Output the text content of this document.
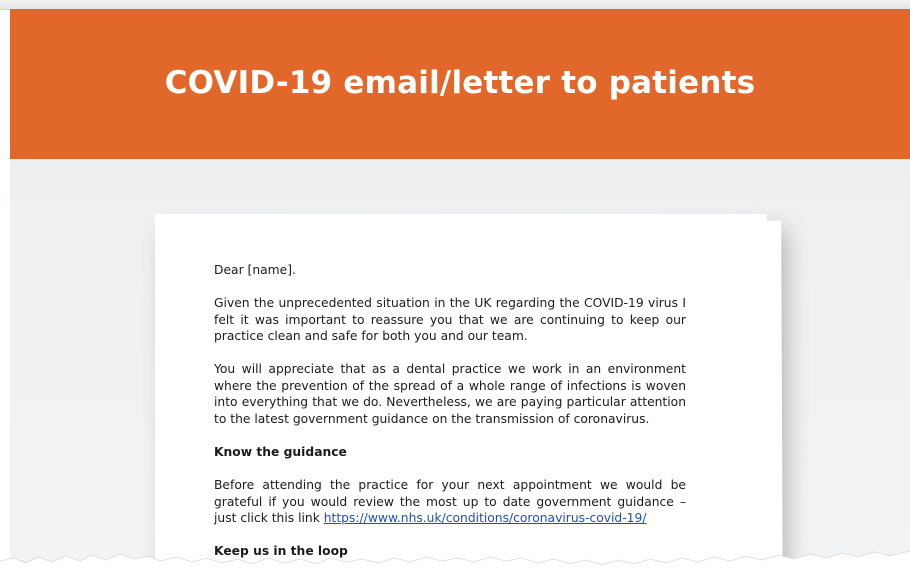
COVID-19 email/letter to patients

Dear [name].

Given the unprecedented situation in the UK regarding the COVID-19 virus I felt it was important to reassure you that we are continuing to keep our practice clean and safe for both you and our team.

You will appreciate that as a dental practice we work in an environment where the prevention of the spread of a whole range of infections is woven into everything that we do. Nevertheless, we are paying particular attention to the latest government guidance on the transmission of coronavirus.

Know the guidance

Before attending the practice for your next appointment we would be grateful if you would review the most up to date government guidance – just click this link https://www.nhs.uk/conditions/coronavirus-covid-19/

Keep us in the loop
